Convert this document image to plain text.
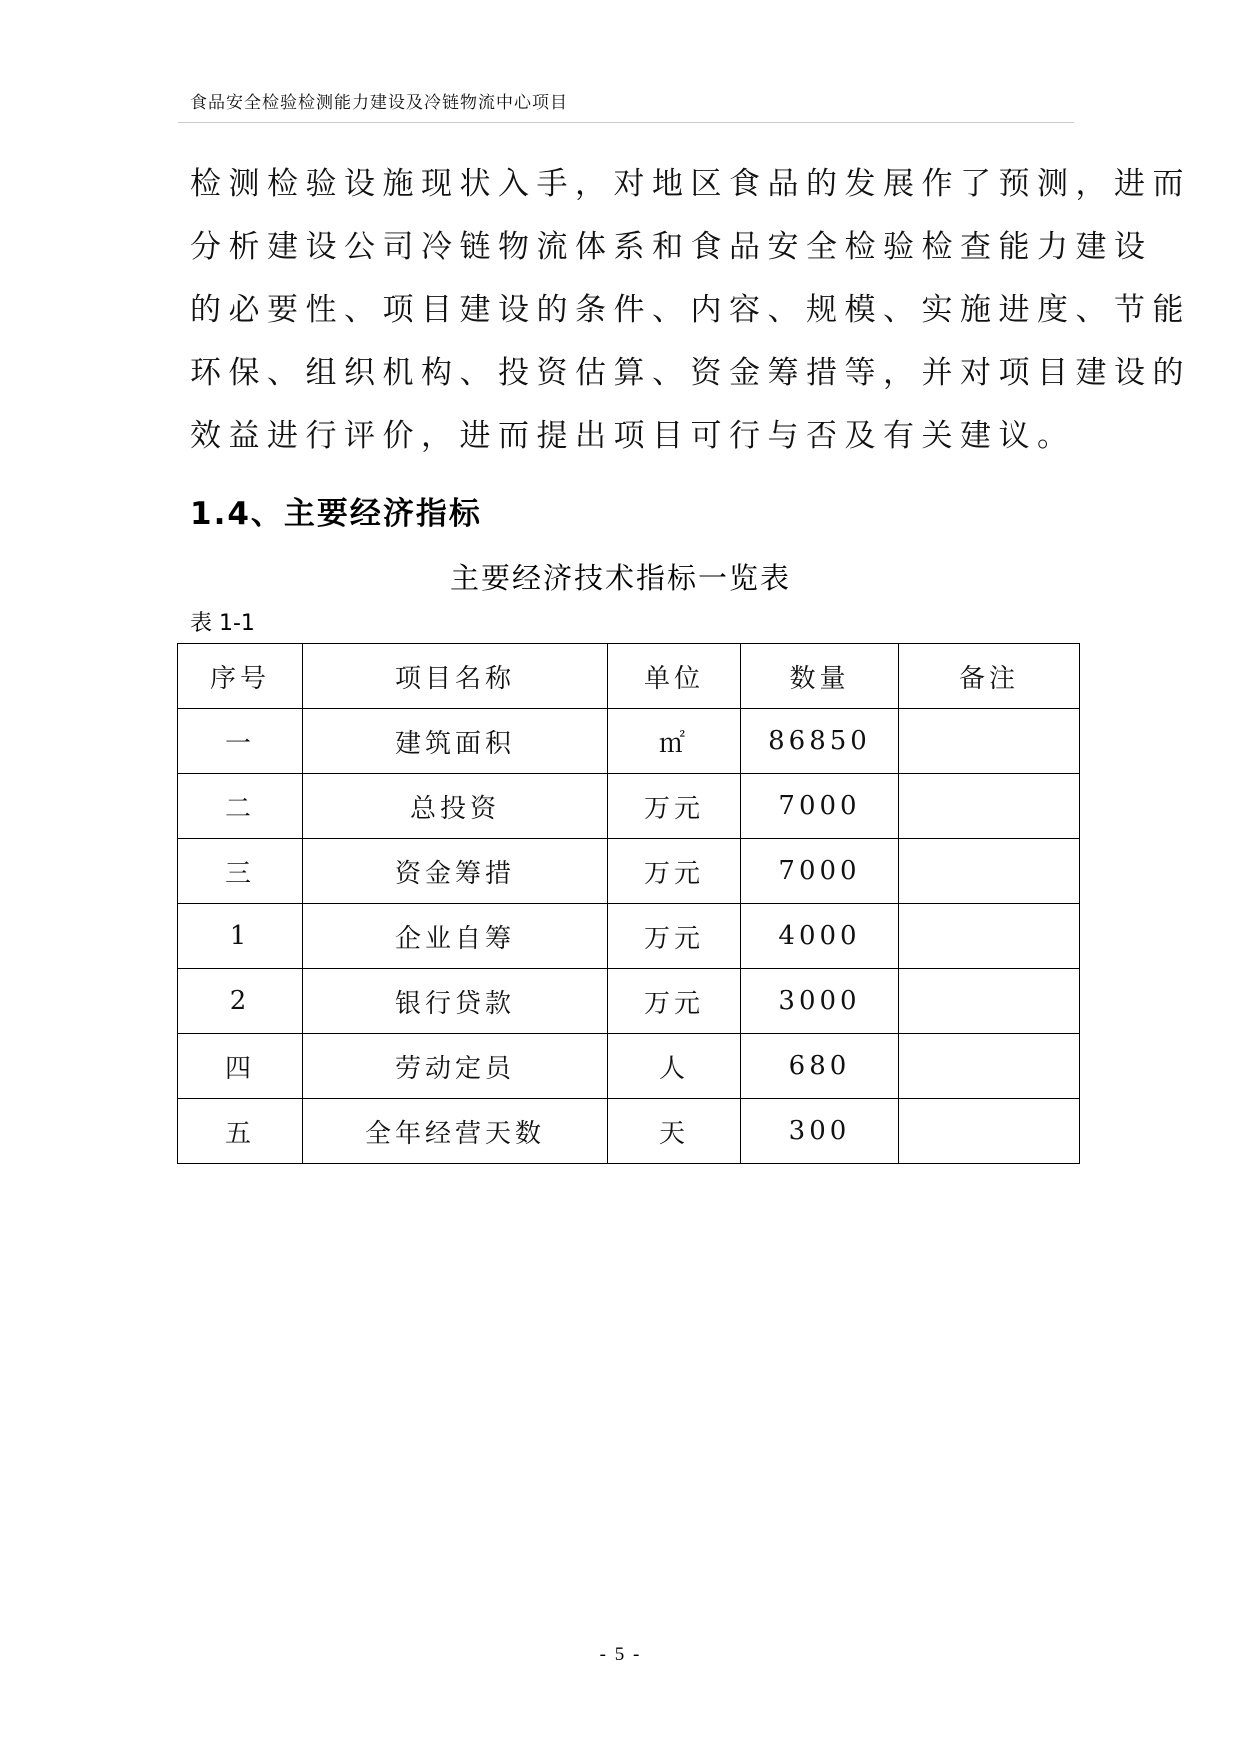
食品安全检验检测能力建设及冷链物流中心项目

检测检验设施现状入手，对地区食品的发展作了预测，进而
分析建设公司冷链物流体系和食品安全检验检查能力建设
的必要性、项目建设的条件、内容、规模、实施进度、节能
环保、组织机构、投资估算、资金筹措等，并对项目建设的
效益进行评价，进而提出项目可行与否及有关建议。

1.4、主要经济指标
主要经济技术指标一览表
表 1-1
序号	项目名称	单位	数量	备注
一	建筑面积	㎡	86850	
二	总投资	万元	7000	
三	资金筹措	万元	7000	
1	企业自筹	万元	4000	
2	银行贷款	万元	3000	
四	劳动定员	人	680	
五	全年经营天数	天	300	
- 5 -
